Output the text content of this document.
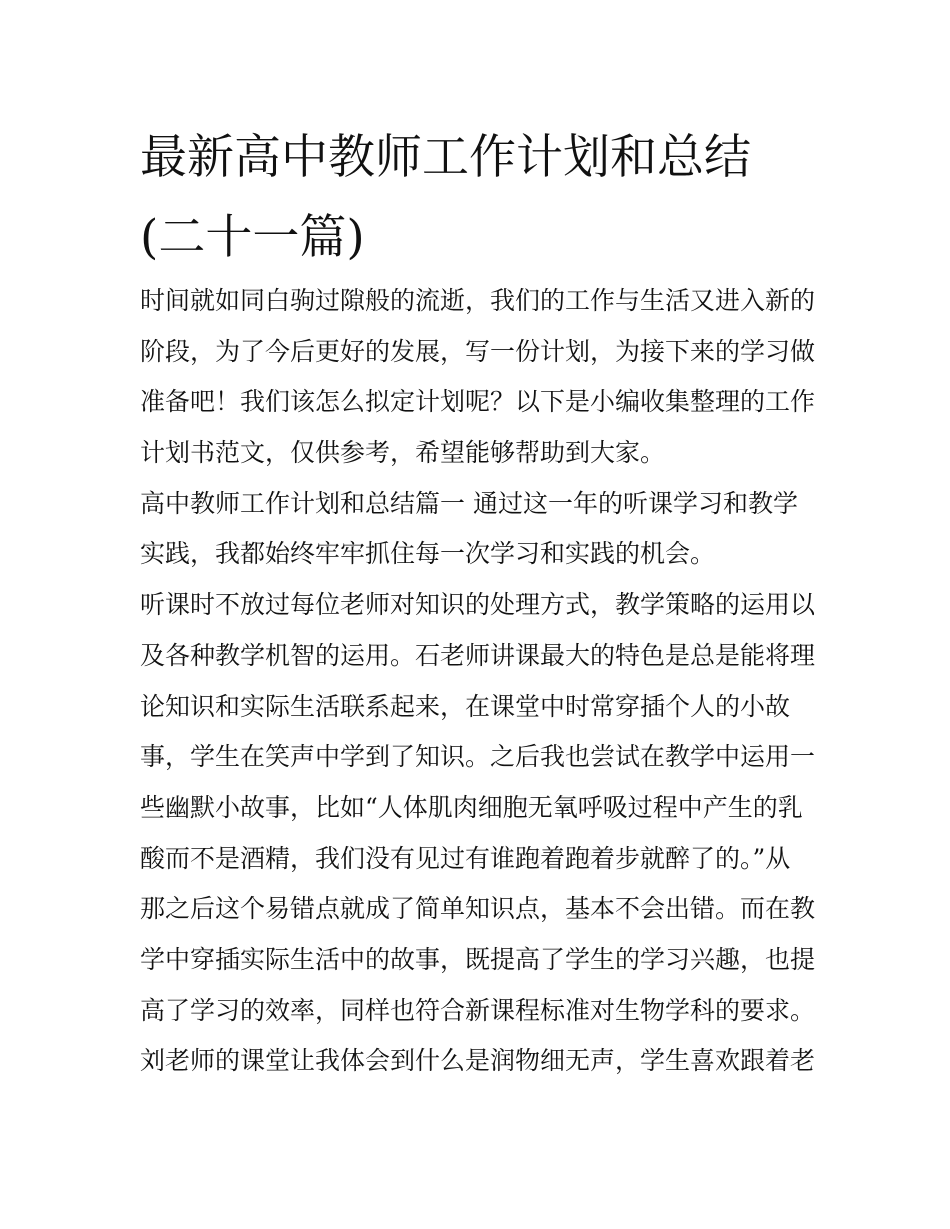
最新高中教师工作计划和总结
(二十一篇)
时间就如同白驹过隙般的流逝，我们的工作与生活又进入新的
阶段，为了今后更好的发展，写一份计划，为接下来的学习做
准备吧！我们该怎么拟定计划呢？以下是小编收集整理的工作
计划书范文，仅供参考，希望能够帮助到大家。
高中教师工作计划和总结篇一 通过这一年的听课学习和教学
实践，我都始终牢牢抓住每一次学习和实践的机会。
听课时不放过每位老师对知识的处理方式，教学策略的运用以
及各种教学机智的运用。石老师讲课最大的特色是总是能将理
论知识和实际生活联系起来，在课堂中时常穿插个人的小故
事，学生在笑声中学到了知识。之后我也尝试在教学中运用一
些幽默小故事，比如“人体肌肉细胞无氧呼吸过程中产生的乳
酸而不是酒精，我们没有见过有谁跑着跑着步就醉了的。”从
那之后这个易错点就成了简单知识点，基本不会出错。而在教
学中穿插实际生活中的故事，既提高了学生的学习兴趣，也提
高了学习的效率，同样也符合新课程标准对生物学科的要求。
刘老师的课堂让我体会到什么是润物细无声，学生喜欢跟着老
